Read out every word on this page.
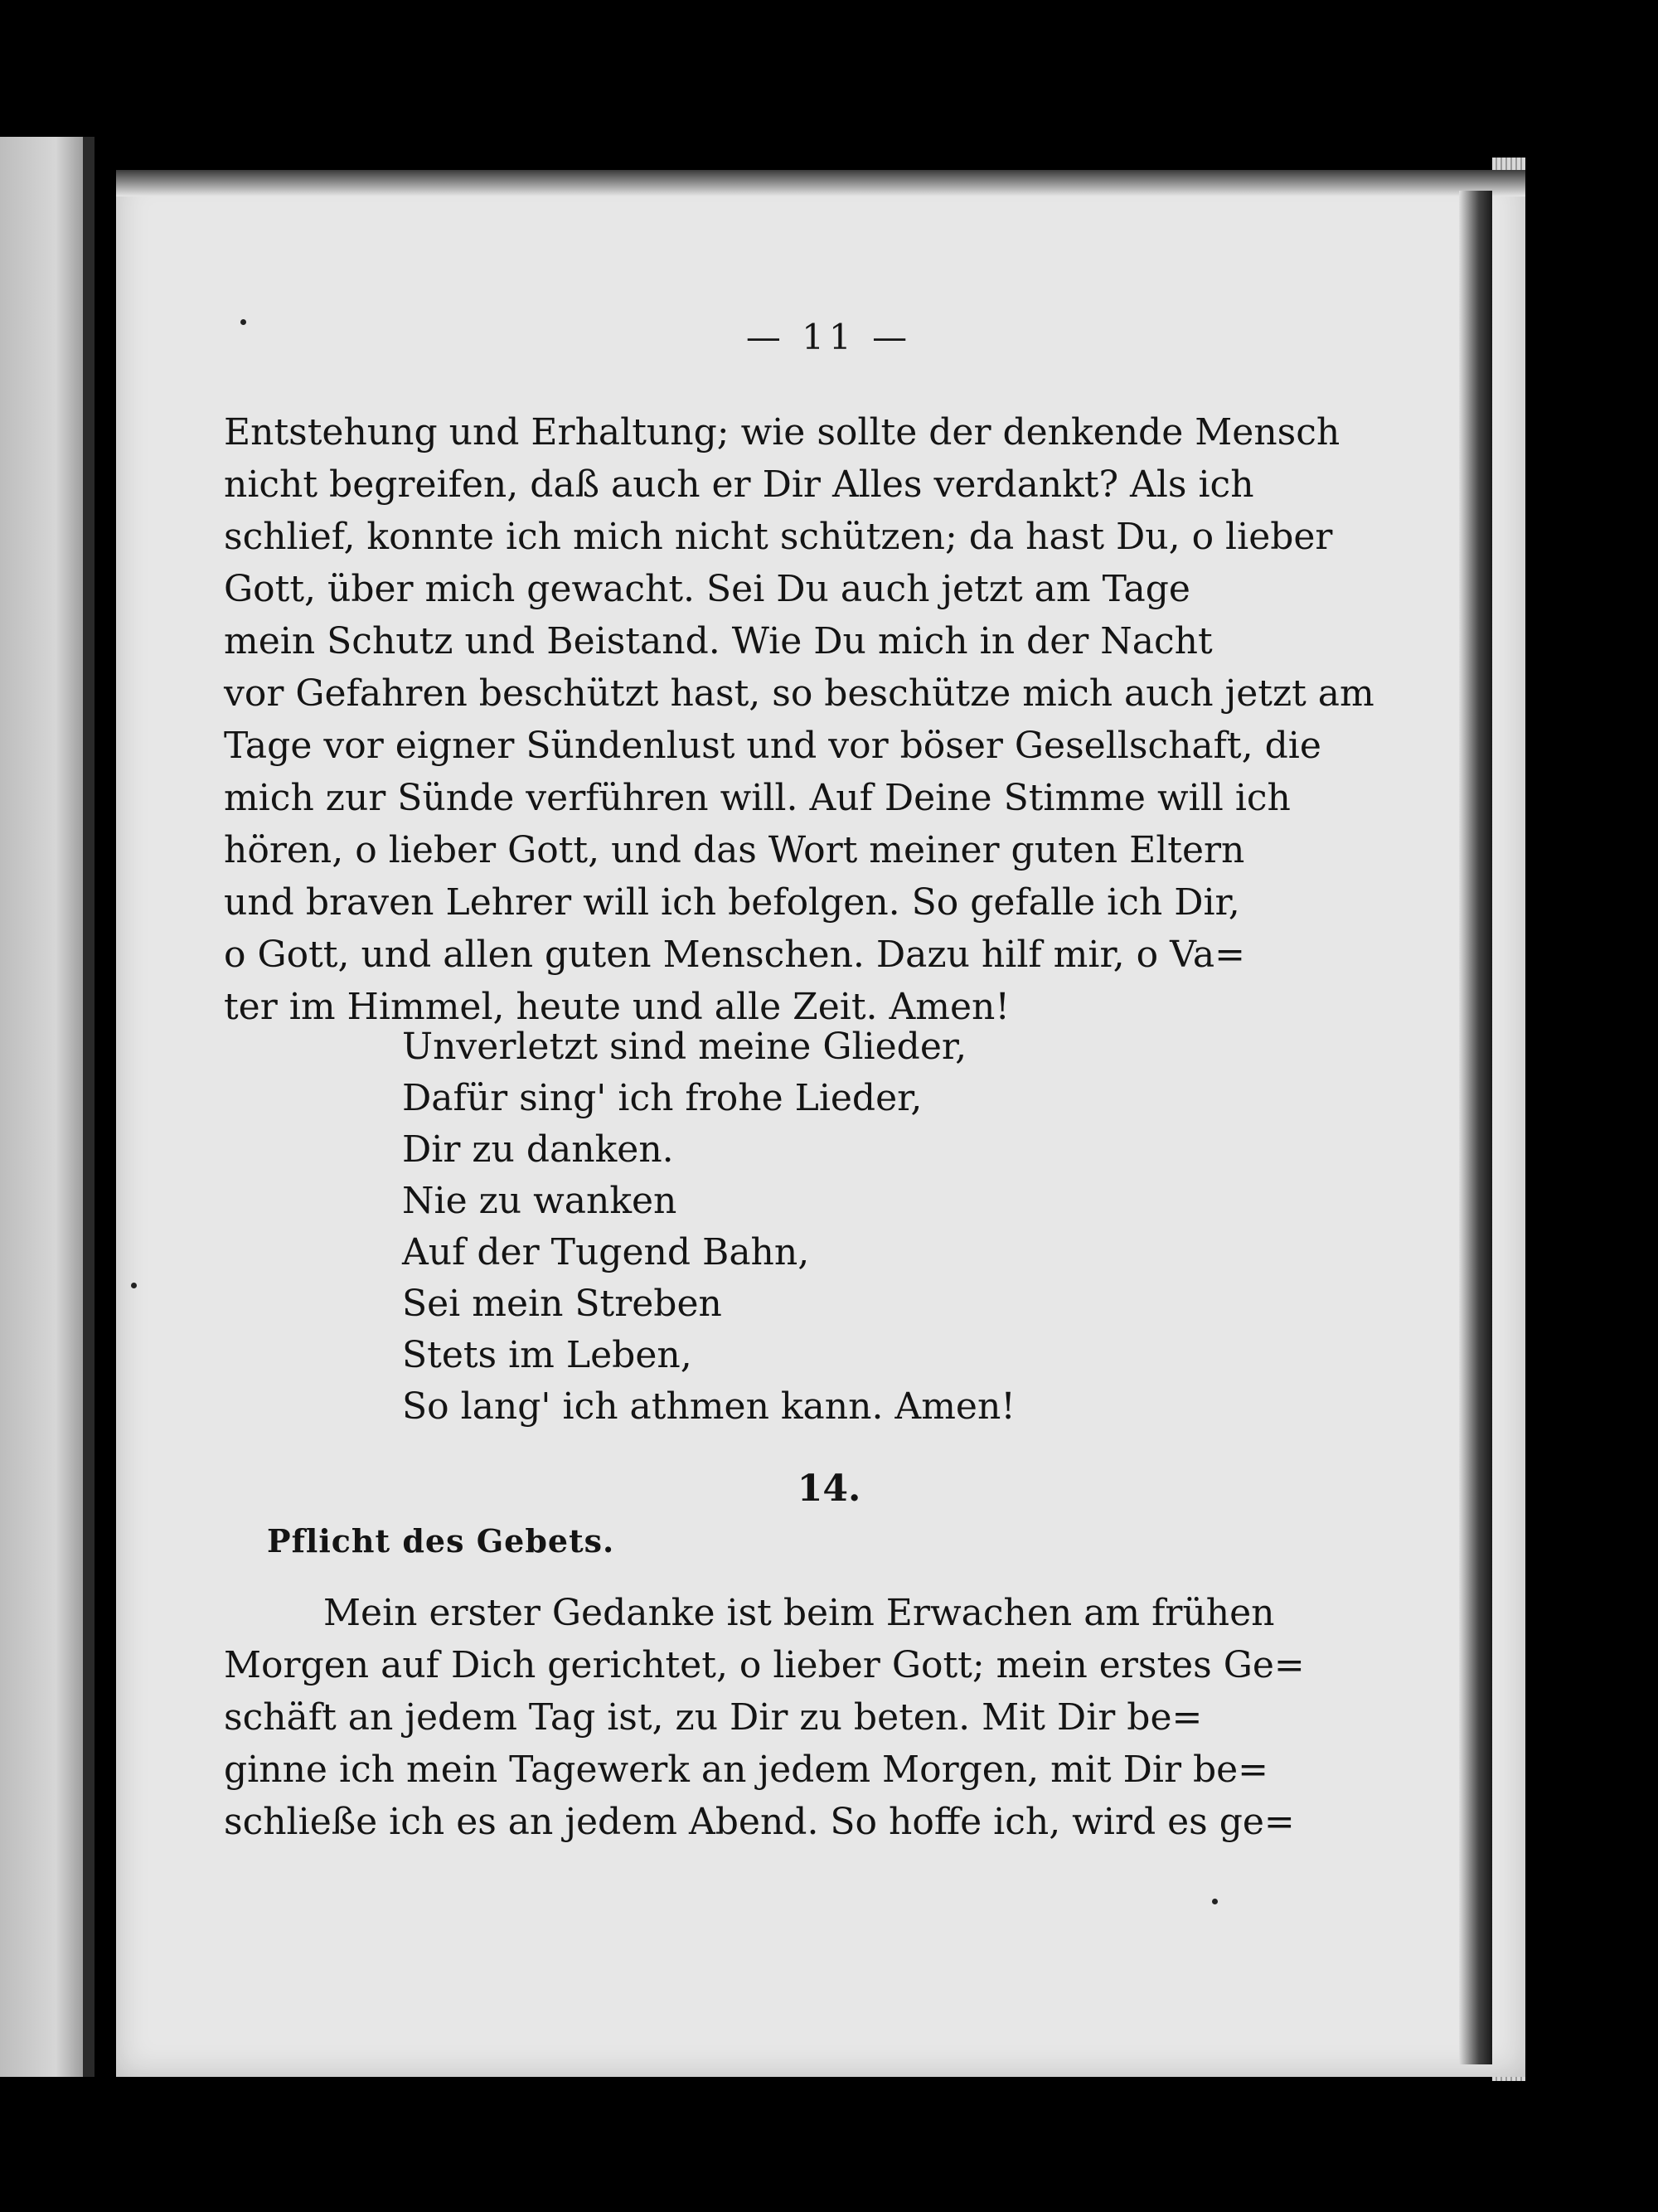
— 11 —
Entstehung und Erhaltung; wie sollte der denkende Mensch
nicht begreifen, daß auch er Dir Alles verdankt? Als ich
schlief, konnte ich mich nicht schützen; da hast Du, o lieber
Gott, über mich gewacht. Sei Du auch jetzt am Tage
mein Schutz und Beistand. Wie Du mich in der Nacht
vor Gefahren beschützt hast, so beschütze mich auch jetzt am
Tage vor eigner Sündenlust und vor böser Gesellschaft, die
mich zur Sünde verführen will. Auf Deine Stimme will ich
hören, o lieber Gott, und das Wort meiner guten Eltern
und braven Lehrer will ich befolgen. So gefalle ich Dir,
o Gott, und allen guten Menschen. Dazu hilf mir, o Va=
ter im Himmel, heute und alle Zeit. Amen!
Unverletzt sind meine Glieder,
Dafür sing' ich frohe Lieder,
Dir zu danken.
Nie zu wanken
Auf der Tugend Bahn,
Sei mein Streben
Stets im Leben,
So lang' ich athmen kann. Amen!
14.
Pflicht des Gebets.
Mein erster Gedanke ist beim Erwachen am frühen
Morgen auf Dich gerichtet, o lieber Gott; mein erstes Ge=
schäft an jedem Tag ist, zu Dir zu beten. Mit Dir be=
ginne ich mein Tagewerk an jedem Morgen, mit Dir be=
schließe ich es an jedem Abend. So hoffe ich, wird es ge=
